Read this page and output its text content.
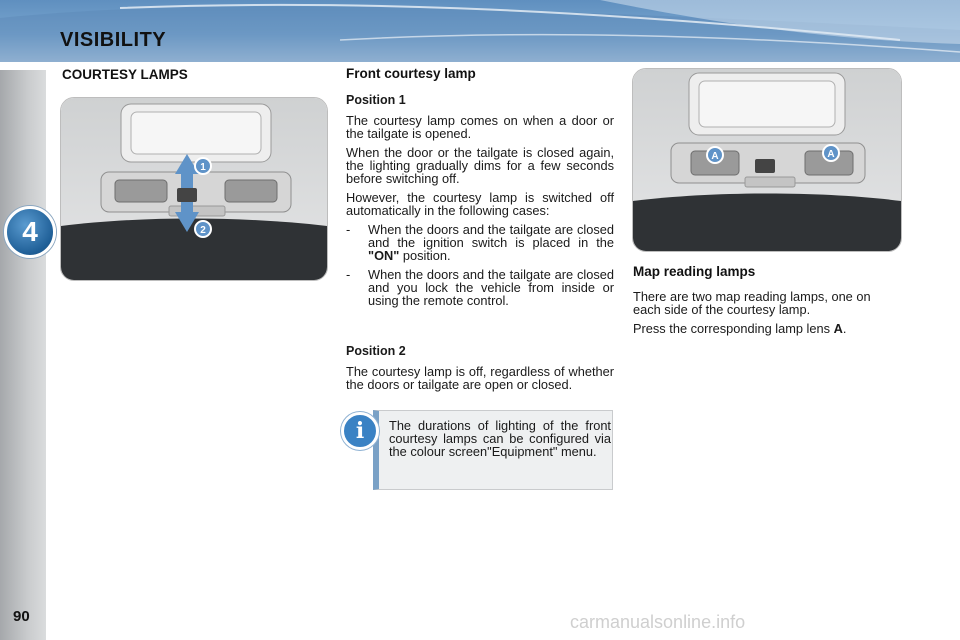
VISIBILITY
4
90
COURTESY LAMPS
1
2
Front courtesy lamp
Position 1

The courtesy lamp comes on when a door or the tailgate is opened.

When the door or the tailgate is closed again, the lighting gradually dims for a few seconds before switching off.

However, the courtesy lamp is switched off automatically in the following cases:

-	When the doors and the tailgate are closed and the ignition switch is placed in the "ON" position.
-	When the doors and the tailgate are closed and you lock the vehicle from inside or using the remote control.
Position 2

The courtesy lamp is off, regardless of whether the doors or tailgate are open or closed.

The durations of lighting of the front courtesy lamps can be configured via the colour screen"Equipment" menu.
i
A	A
Map reading lamps

There are two map reading lamps, one on each side of the courtesy lamp.

Press the corresponding lamp lens A.

carmanualsonline.info
